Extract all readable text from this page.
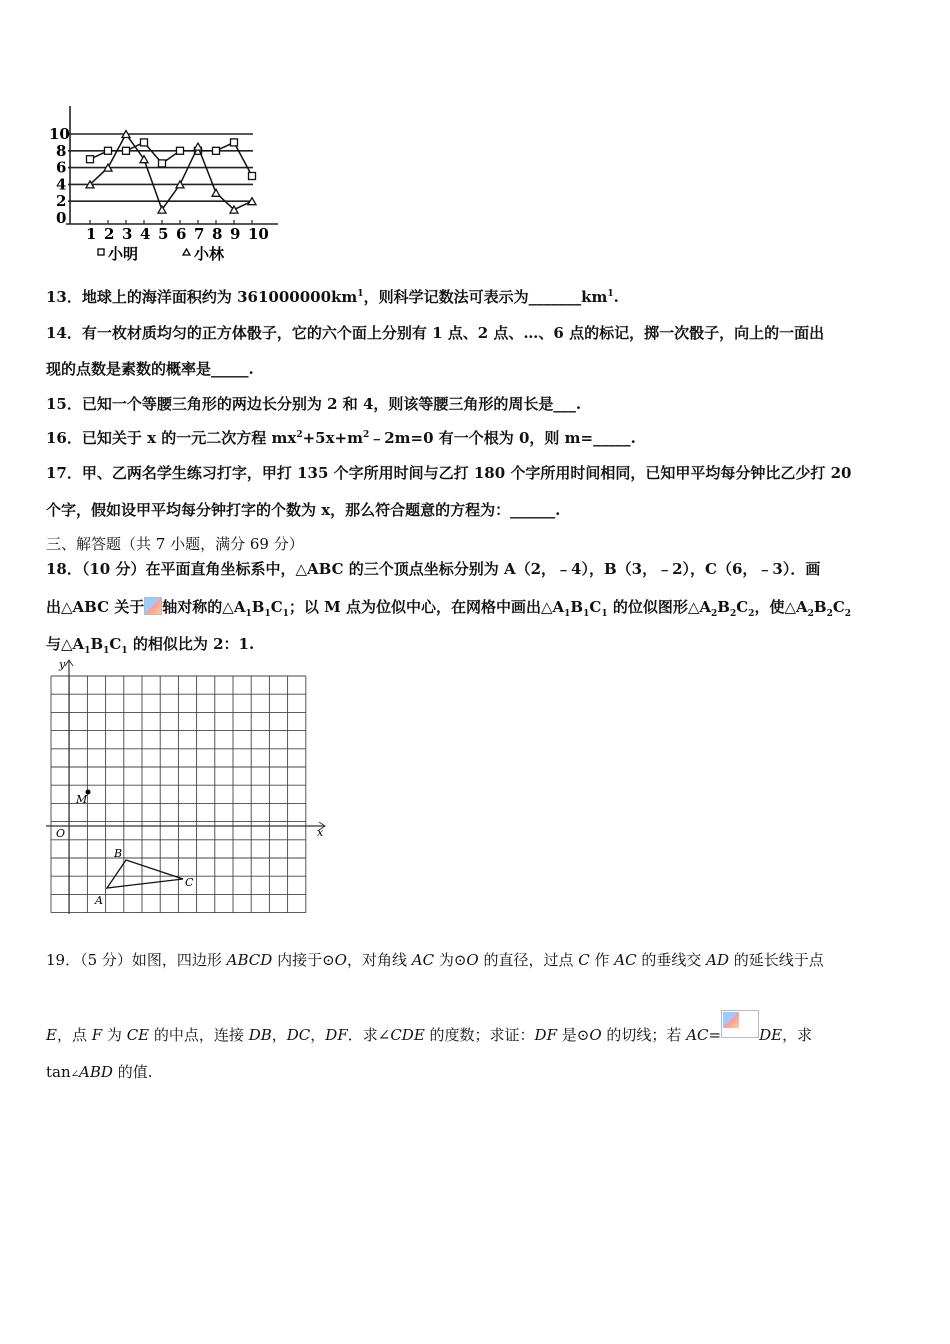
1 2 3 4 5 6 7 8 9 10
0
2
4
6
8
10
小明	小林
13．地球上的海洋面积约为 $361000000km^1$，则科学记数法可表示为$\_\_\_\_\_\_\_km^1$.
14．有一枚材质均匀的正方体骰子，它的六个面上分别有 1 点、2 点、…、6 点的标记，掷一次骰子，向上的一面出
现的点数是素数的概率是_____.
15．已知一个等腰三角形的两边长分别为 2 和 4，则该等腰三角形的周长是___.
16．已知关于 x 的一元二次方程 $mx^2+5x+m^2﹣2m=0$ 有一个根为 0，则 m=_____.
17．甲、乙两名学生练习打字，甲打 135 个字所用时间与乙打 180 个字所用时间相同，已知甲平均每分钟比乙少打 20
个字，假如设甲平均每分钟打字的个数为 x，那么符合题意的方程为：______.
三、解答题（共 7 小题，满分 69 分）
18．（10 分）在平面直角坐标系中，△ABC 的三个顶点坐标分别为 A（2，﹣4），B（3，﹣2），C（6，﹣3）．画
出△ABC 关于 轴对称的$\triangle A_1B_1C_1$；以 M 点为位似中心，在网格中画出$\triangle A_1B_1C_1$ 的位似图形$\triangle A_2B_2C_2$，使$\triangle A_2B_2C_2$
与$\triangle A_1B_1C_1$ 的相似比为 2：1.
y
x
O
M
A
B
C
19．（5 分）如图，四边形 ABCD 内接于⊙O，对角线 AC 为⊙O 的直径，过点 C 作 AC 的垂线交 AD 的延长线于点
E，点 F 为 CE 的中点，连接 DB，DC，DF．求∠CDE 的度数；求证：DF 是⊙O 的切线；若 AC=	DE，求
tan∠ABD 的值.
